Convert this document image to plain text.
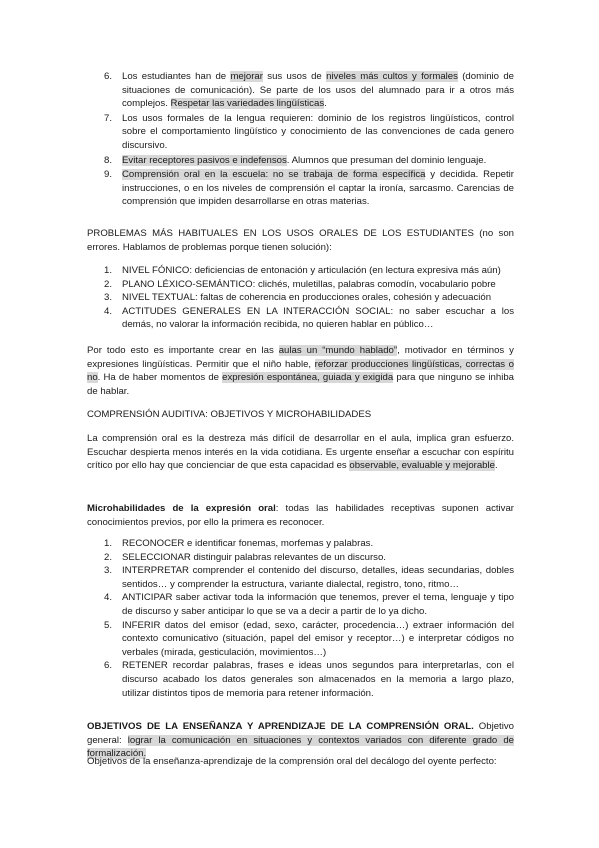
6. Los estudiantes han de mejorar sus usos de niveles más cultos y formales (dominio de situaciones de comunicación). Se parte de los usos del alumnado para ir a otros más complejos. Respetar las variedades lingüísticas.
7. Los usos formales de la lengua requieren: dominio de los registros lingüísticos, control sobre el comportamiento lingüístico y conocimiento de las convenciones de cada genero discursivo.
8. Evitar receptores pasivos e indefensos. Alumnos que presuman del dominio lenguaje.
9. Comprensión oral en la escuela: no se trabaja de forma específica y decidida. Repetir instrucciones, o en los niveles de comprensión el captar la ironía, sarcasmo. Carencias de comprensión que impiden desarrollarse en otras materias.
PROBLEMAS MÁS HABITUALES EN LOS USOS ORALES DE LOS ESTUDIANTES (no son errores. Hablamos de problemas porque tienen solución):
1. NIVEL FÓNICO: deficiencias de entonación y articulación (en lectura expresiva más aún)
2. PLANO LÉXICO-SEMÁNTICO: clichés, muletillas, palabras comodín, vocabulario pobre
3. NIVEL TEXTUAL: faltas de coherencia en producciones orales, cohesión y adecuación
4. ACTITUDES GENERALES EN LA INTERACCIÓN SOCIAL: no saber escuchar a los demás, no valorar la información recibida, no quieren hablar en público…
Por todo esto es importante crear en las aulas un “mundo hablado”, motivador en términos y expresiones lingüísticas. Permitir que el niño hable, reforzar producciones lingüísticas, correctas o no. Ha de haber momentos de expresión espontánea, guiada y exigida para que ninguno se inhiba de hablar.
COMPRENSIÓN AUDITIVA: OBJETIVOS Y MICROHABILIDADES
La comprensión oral es la destreza más difícil de desarrollar en el aula, implica gran esfuerzo. Escuchar despierta menos interés en la vida cotidiana. Es urgente enseñar a escuchar con espíritu crítico por ello hay que concienciar de que esta capacidad es observable, evaluable y mejorable.
Microhabilidades de la expresión oral: todas las habilidades receptivas suponen activar conocimientos previos, por ello la primera es reconocer.
1. RECONOCER e identificar fonemas, morfemas y palabras.
2. SELECCIONAR distinguir palabras relevantes de un discurso.
3. INTERPRETAR comprender el contenido del discurso, detalles, ideas secundarias, dobles sentidos… y comprender la estructura, variante dialectal, registro, tono, ritmo…
4. ANTICIPAR saber activar toda la información que tenemos, prever el tema, lenguaje y tipo de discurso y saber anticipar lo que se va a decir a partir de lo ya dicho.
5. INFERIR datos del emisor (edad, sexo, carácter, procedencia…) extraer información del contexto comunicativo (situación, papel del emisor y receptor…) e interpretar códigos no verbales (mirada, gesticulación, movimientos…)
6. RETENER recordar palabras, frases e ideas unos segundos para interpretarlas, con el discurso acabado los datos generales son almacenados en la memoria a largo plazo, utilizar distintos tipos de memoria para retener información.
OBJETIVOS DE LA ENSEÑANZA Y APRENDIZAJE DE LA COMPRENSIÓN ORAL. Objetivo general: lograr la comunicación en situaciones y contextos variados con diferente grado de formalización.
Objetivos de la enseñanza-aprendizaje de la comprensión oral del decálogo del oyente perfecto:
